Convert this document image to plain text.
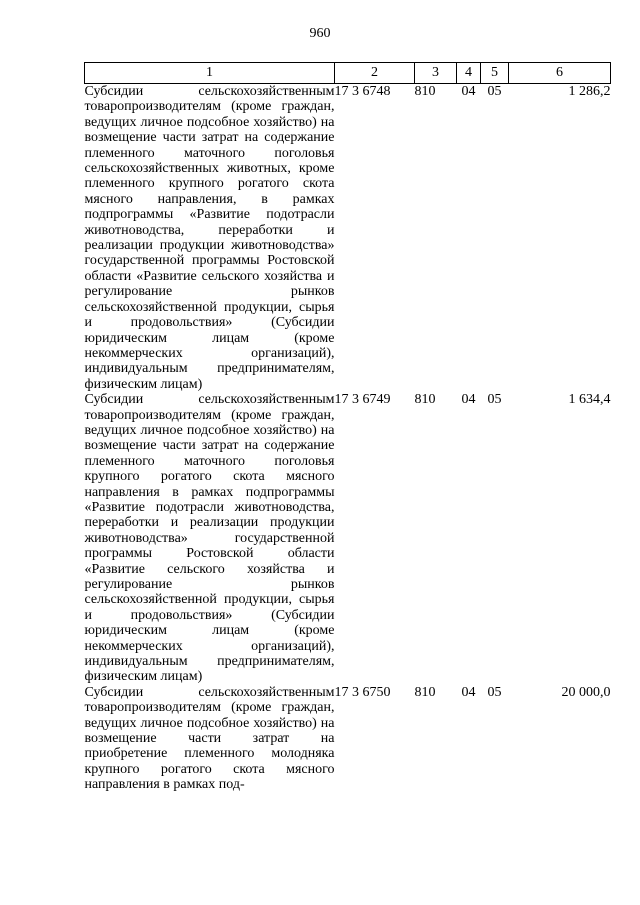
960
1	2	3	4	5	6
Субсидии сельскохозяйственным товаропроизводителям (кроме граждан, ведущих личное подсобное хозяйство) на возмещение части затрат на содержание племенного маточного поголовья сельскохозяйственных животных, кроме племенного крупного рогатого скота мясного направления, в рамках подпрограммы «Развитие подотрасли животноводства, переработки и реализации продукции животноводства» государственной программы Ростовской области «Развитие сельского хозяйства и регулирование рынков сельскохозяйственной продукции, сырья и продовольствия» (Субсидии юридическим лицам (кроме некоммерческих организаций), индивидуальным предпринимателям, физическим лицам)	17 3 6748	810	04	05	1 286,2
Субсидии сельскохозяйственным товаропроизводителям (кроме граждан, ведущих личное подсобное хозяйство) на возмещение части затрат на содержание племенного маточного поголовья крупного рогатого скота мясного направления в рамках подпрограммы «Развитие подотрасли животноводства, переработки и реализации продукции животноводства» государственной программы Ростовской области «Развитие сельского хозяйства и регулирование рынков сельскохозяйственной продукции, сырья и продовольствия» (Субсидии юридическим лицам (кроме некоммерческих организаций), индивидуальным предпринимателям, физическим лицам)	17 3 6749	810	04	05	1 634,4
Субсидии сельскохозяйственным товаропроизводителям (кроме граждан, ведущих личное подсобное хозяйство) на возмещение части затрат на приобретение племенного молодняка крупного рогатого скота мясного направления в рамках под-	17 3 6750	810	04	05	20 000,0
